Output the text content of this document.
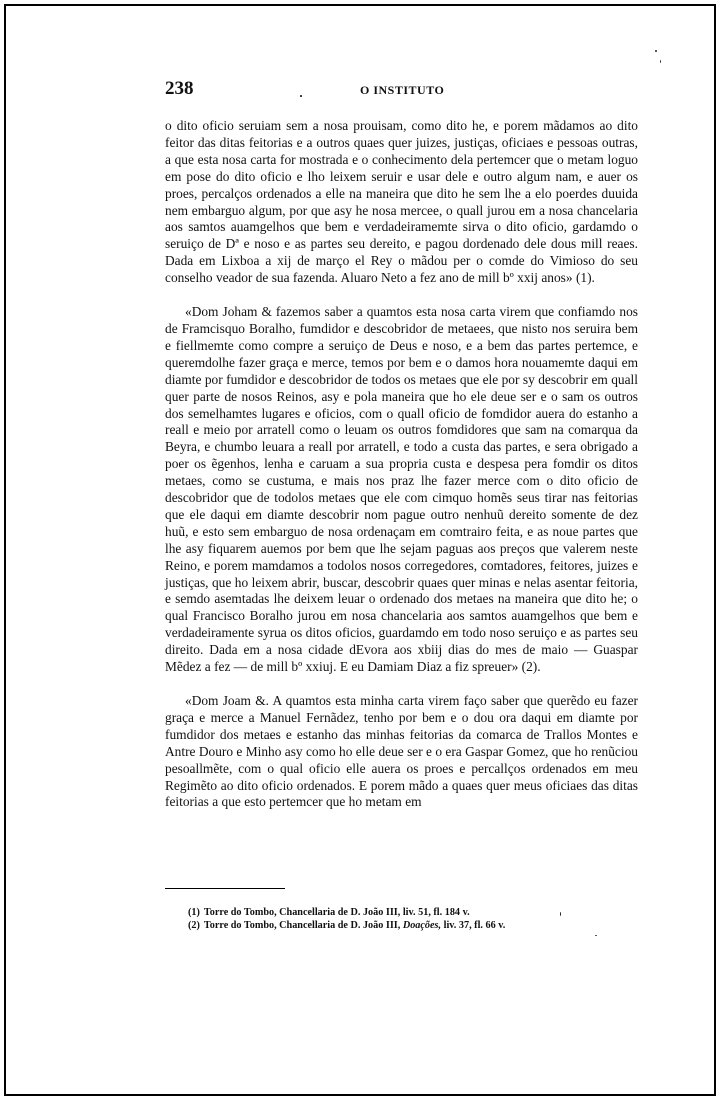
238	O INSTITUTO

o dito oficio seruiam sem a nosa prouisam, como dito he, e porem mãdamos ao dito feitor das ditas feitorias e a outros quaes quer juizes, justiças, oficiaes e pessoas outras, a que esta nosa carta for mostrada e o conhecimento dela pertemcer que o metam loguo em pose do dito oficio e lho leixem seruir e usar dele e outro algum nam, e auer os proes, percalços ordenados a elle na maneira que dito he sem lhe a elo poerdes duuida nem embarguo algum, por que asy he nosa mercee, o quall jurou em a nosa chancelaria aos samtos auamgelhos que bem e verdadeiramemte sirva o dito oficio, gardamdo o seruiço de Dª e noso e as partes seu dereito, e pagou dordenado dele dous mill reaes. Dada em Lixboa a xij de março el Rey o mãdou per o comde do Vimioso do seu conselho veador de sua fazenda. Aluaro Neto a fez ano de mill bº xxij anos» (1).

«Dom Joham & fazemos saber a quamtos esta nosa carta virem que confiamdo nos de Framcisquo Boralho, fumdidor e descobridor de metaees, que nisto nos seruira bem e fiellmemte como compre a seruiço de Deus e noso, e a bem das partes pertemce, e queremdolhe fazer graça e merce, temos por bem e o damos hora nouamemte daqui em diamte por fumdidor e descobridor de todos os metaes que ele por sy descobrir em quall quer parte de nosos Reinos, asy e pola maneira que ho ele deue ser e o sam os outros dos semelhamtes lugares e oficios, com o quall oficio de fomdidor auera do estanho a reall e meio por arratell como o leuam os outros fomdidores que sam na comarqua da Beyra, e chumbo leuara a reall por arratell, e todo a custa das partes, e sera obrigado a poer os ẽgenhos, lenha e caruam a sua propria custa e despesa pera fomdir os ditos metaes, como se custuma, e mais nos praz lhe fazer merce com o dito oficio de descobridor que de todolos metaes que ele com cimquo homẽs seus tirar nas feitorias que ele daqui em diamte descobrir nom pague outro nenhuũ dereito somente de dez huũ, e esto sem embarguo de nosa ordenaçam em comtrairo feita, e as noue partes que lhe asy fiquarem auemos por bem que lhe sejam paguas aos preços que valerem neste Reino, e porem mamdamos a todolos nosos corregedores, comtadores, feitores, juizes e justiças, que ho leixem abrir, buscar, descobrir quaes quer minas e nelas asentar feitoria, e semdo asemtadas lhe deixem leuar o ordenado dos metaes na maneira que dito he; o qual Francisco Boralho jurou em nosa chancelaria aos samtos auamgelhos que bem e verdadeiramente syrua os ditos oficios, guardamdo em todo noso seruiço e as partes seu direito. Dada em a nosa cidade dEvora aos xbiij dias do mes de maio — Guaspar Mẽdez a fez — de mill bº xxiuj. E eu Damiam Diaz a fiz spreuer» (2).

«Dom Joam &. A quamtos esta minha carta virem faço saber que querẽdo eu fazer graça e merce a Manuel Fernãdez, tenho por bem e o dou ora daqui em diamte por fumdidor dos metaes e estanho das minhas feitorias da comarca de Trallos Montes e Antre Douro e Minho asy como ho elle deue ser e o era Gaspar Gomez, que ho renũciou pesoallmẽte, com o qual oficio elle auera os proes e percallços ordenados em meu Regimẽto ao dito oficio ordenados. E porem mãdo a quaes quer meus oficiaes das ditas feitorias a que esto pertemcer que ho metam em

(1) Torre do Tombo, Chancellaria de D. João III, liv. 51, fl. 184 v.

(2) Torre do Tombo, Chancellaria de D. João III, Doações, liv. 37, fl. 66 v.
